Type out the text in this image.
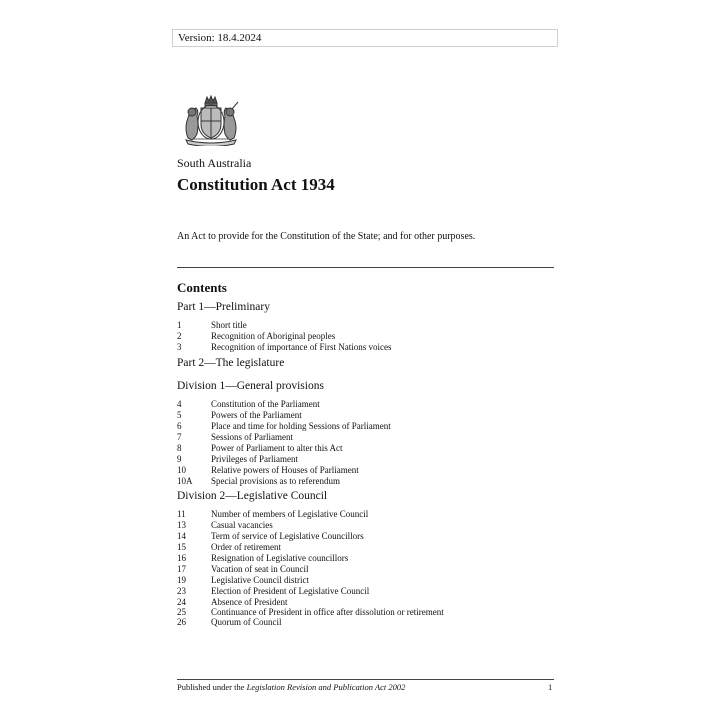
Version: 18.4.2024
South Australia
Constitution Act 1934
An Act to provide for the Constitution of the State; and for other purposes.
Contents
Part 1—Preliminary
1	Short title
2	Recognition of Aboriginal peoples
3	Recognition of importance of First Nations voices
Part 2—The legislature
Division 1—General provisions
4	Constitution of the Parliament
5	Powers of the Parliament
6	Place and time for holding Sessions of Parliament
7	Sessions of Parliament
8	Power of Parliament to alter this Act
9	Privileges of Parliament
10	Relative powers of Houses of Parliament
10A	Special provisions as to referendum
Division 2—Legislative Council
11	Number of members of Legislative Council
13	Casual vacancies
14	Term of service of Legislative Councillors
15	Order of retirement
16	Resignation of Legislative councillors
17	Vacation of seat in Council
19	Legislative Council district
23	Election of President of Legislative Council
24	Absence of President
25	Continuance of President in office after dissolution or retirement
26	Quorum of Council
Published under the Legislation Revision and Publication Act 2002	1
